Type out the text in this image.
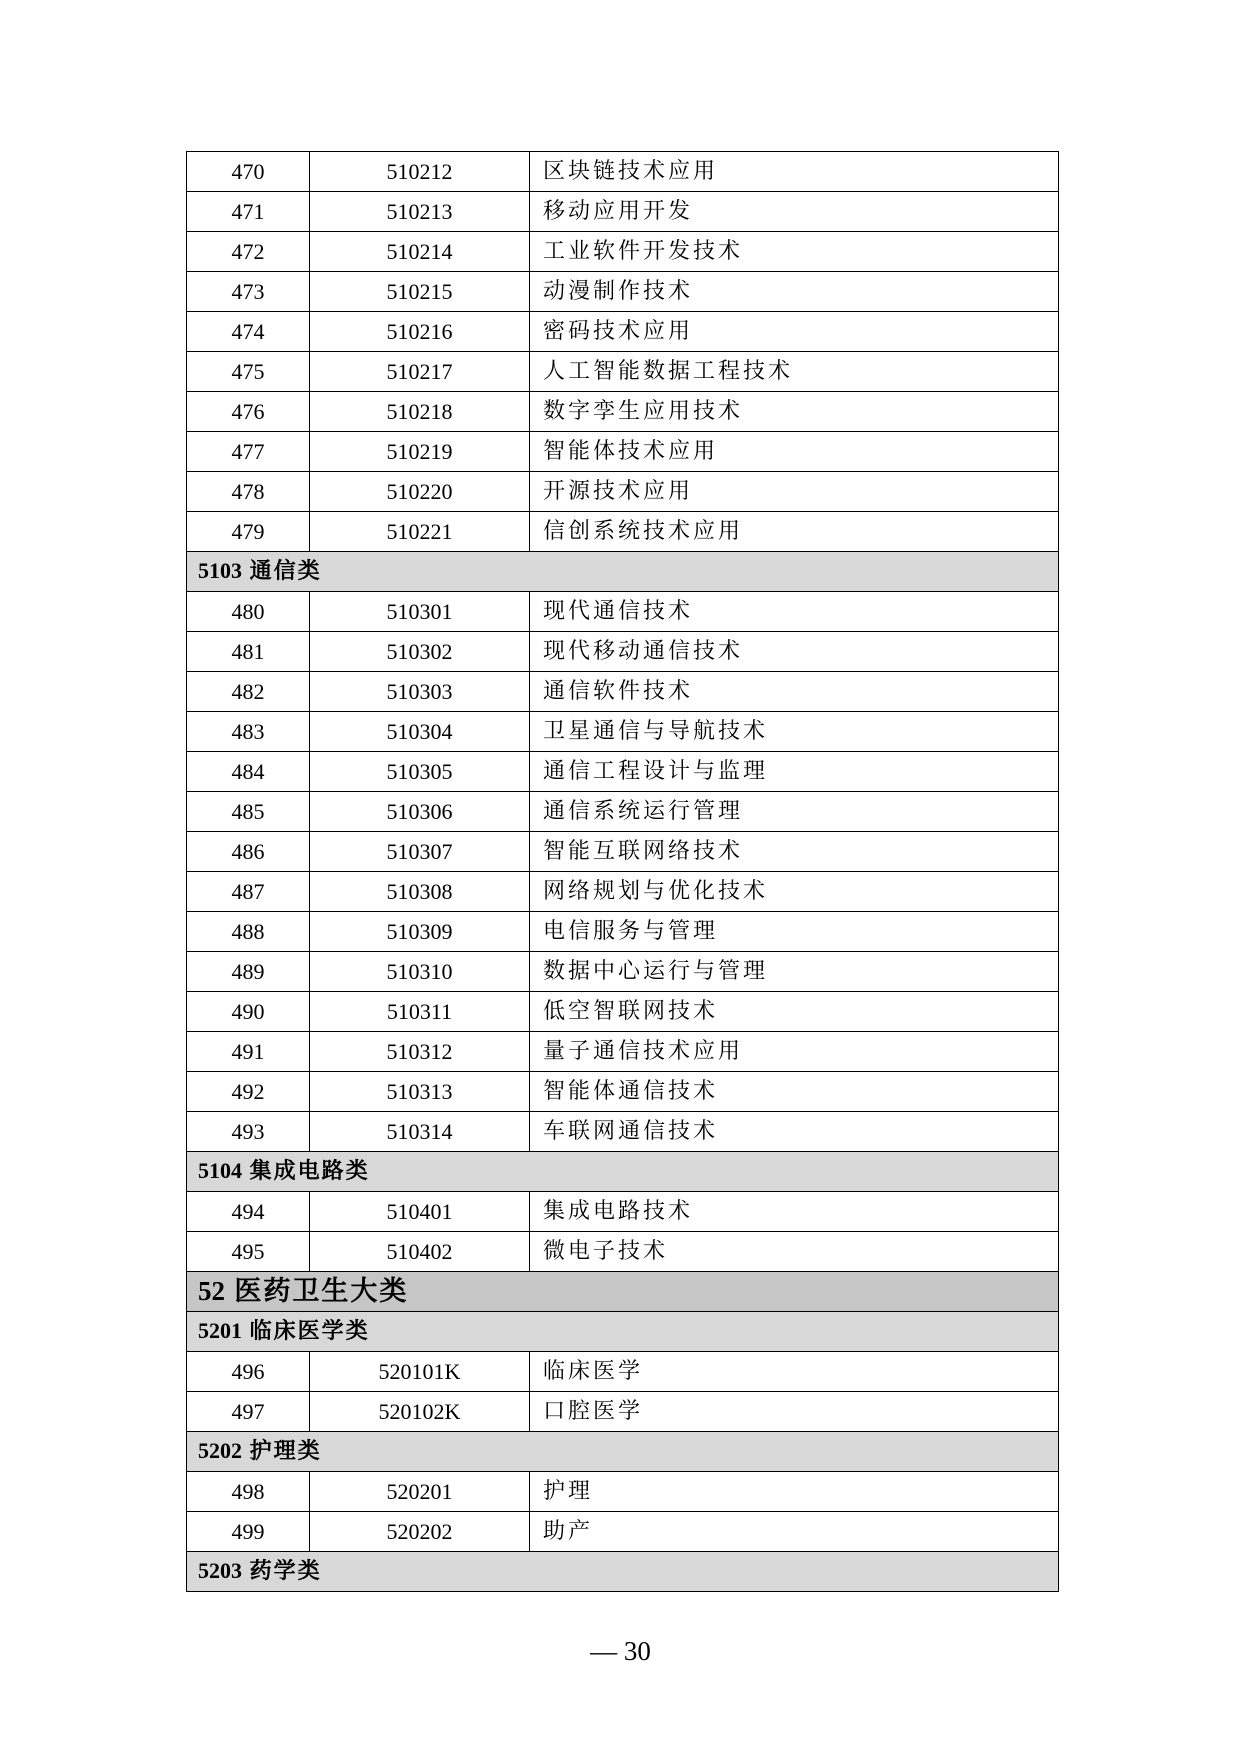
470	510212	区块链技术应用
471	510213	移动应用开发
472	510214	工业软件开发技术
473	510215	动漫制作技术
474	510216	密码技术应用
475	510217	人工智能数据工程技术
476	510218	数字孪生应用技术
477	510219	智能体技术应用
478	510220	开源技术应用
479	510221	信创系统技术应用
5103 通信类		
480	510301	现代通信技术
481	510302	现代移动通信技术
482	510303	通信软件技术
483	510304	卫星通信与导航技术
484	510305	通信工程设计与监理
485	510306	通信系统运行管理
486	510307	智能互联网络技术
487	510308	网络规划与优化技术
488	510309	电信服务与管理
489	510310	数据中心运行与管理
490	510311	低空智联网技术
491	510312	量子通信技术应用
492	510313	智能体通信技术
493	510314	车联网通信技术
5104 集成电路类		
494	510401	集成电路技术
495	510402	微电子技术
52 医药卫生大类		
5201 临床医学类		
496	520101K	临床医学
497	520102K	口腔医学
5202 护理类		
498	520201	护理
499	520202	助产
5203 药学类		
— 30
